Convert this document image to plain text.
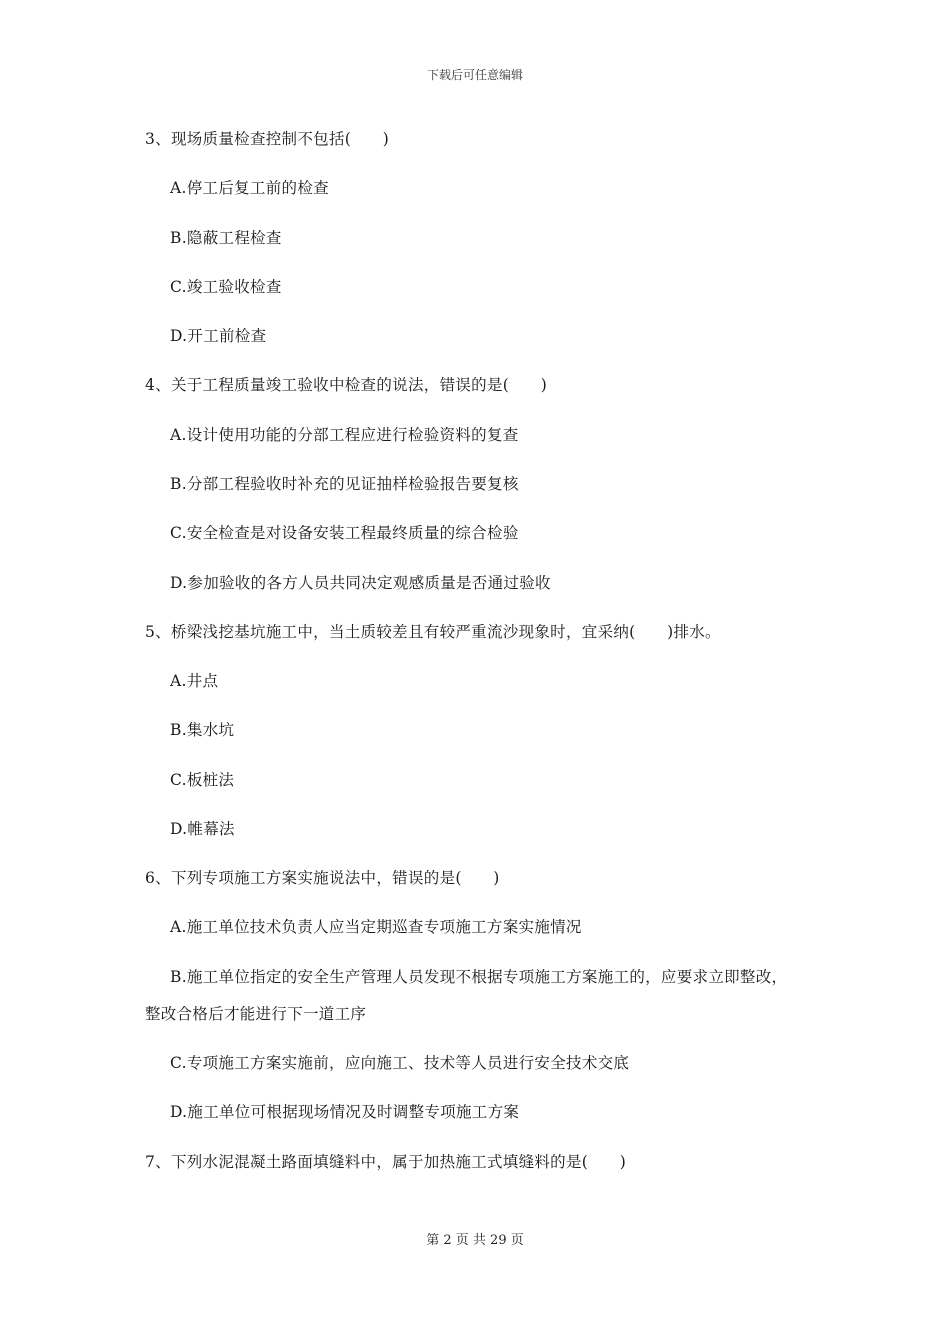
下载后可任意编辑
3、现场质量检查控制不包括(　　)
A.停工后复工前的检查
B.隐蔽工程检查
C.竣工验收检查
D.开工前检查
4、关于工程质量竣工验收中检查的说法，错误的是(　　)
A.设计使用功能的分部工程应进行检验资料的复查
B.分部工程验收时补充的见证抽样检验报告要复核
C.安全检查是对设备安装工程最终质量的综合检验
D.参加验收的各方人员共同决定观感质量是否通过验收
5、桥梁浅挖基坑施工中，当土质较差且有较严重流沙现象时，宜采纳(　　)排水。
A.井点
B.集水坑
C.板桩法
D.帷幕法
6、下列专项施工方案实施说法中，错误的是(　　)
A.施工单位技术负责人应当定期巡查专项施工方案实施情况
B.施工单位指定的安全生产管理人员发现不根据专项施工方案施工的，应要求立即整改，
整改合格后才能进行下一道工序
C.专项施工方案实施前，应向施工、技术等人员进行安全技术交底
D.施工单位可根据现场情况及时调整专项施工方案
7、下列水泥混凝土路面填缝料中，属于加热施工式填缝料的是(　　)
第 2 页 共 29 页
